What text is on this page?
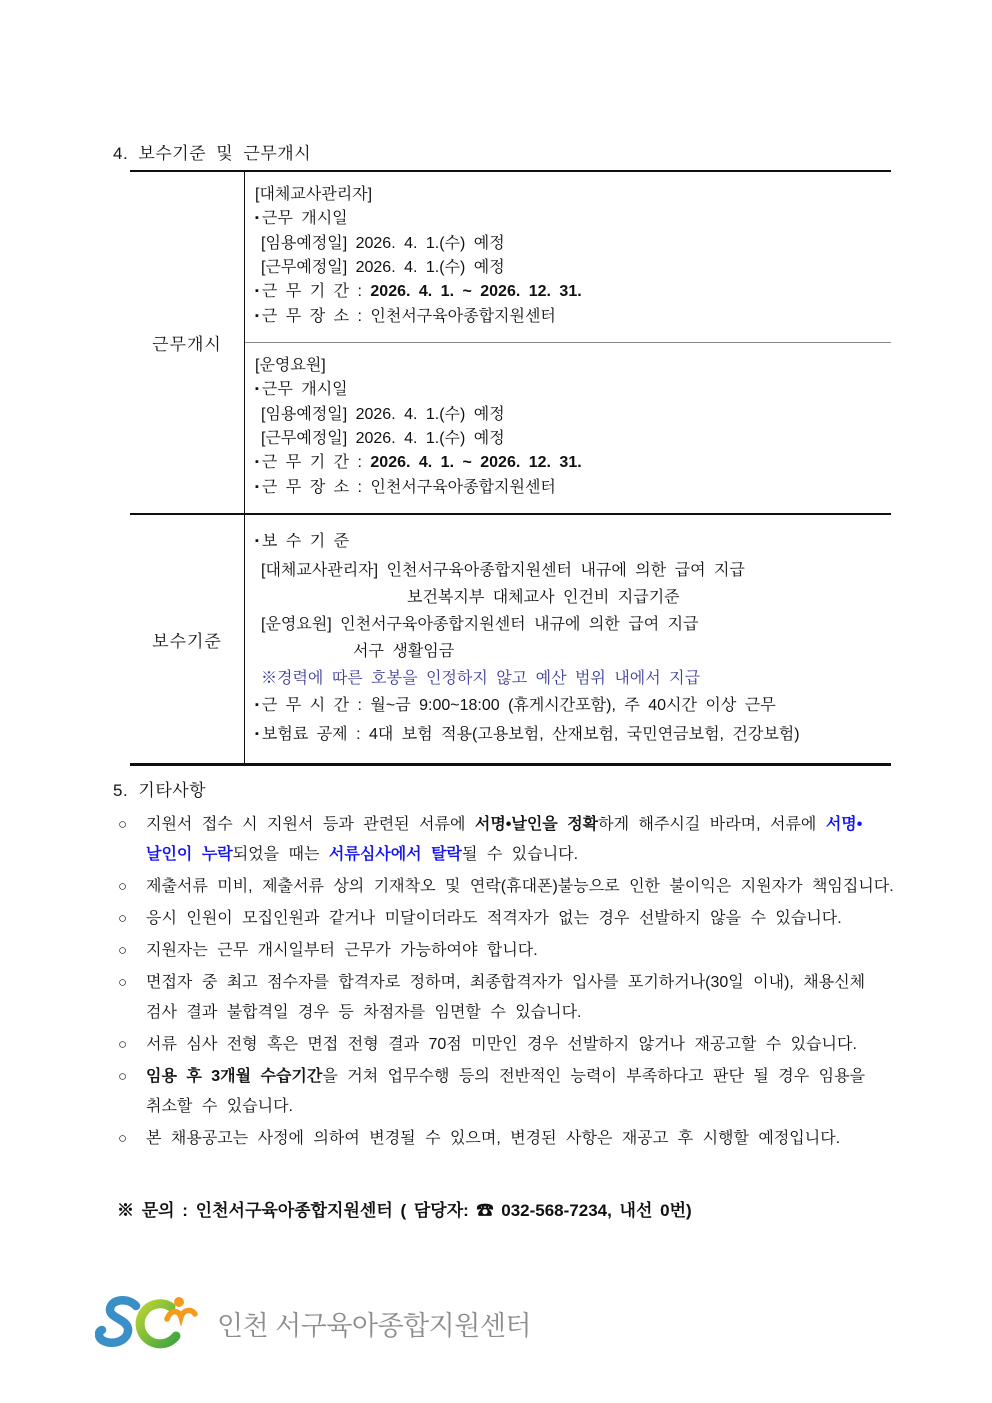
4. 보수기준 및 근무개시
근무개시
[대체교사관리자]
▪ 근무 개시일
[임용예정일] 2026. 4. 1.(수) 예정
[근무예정일] 2026. 4. 1.(수) 예정
▪ 근 무 기 간 : 2026. 4. 1. ~ 2026. 12. 31.
▪ 근 무 장 소 : 인천서구육아종합지원센터
[운영요원]
▪ 근무 개시일
[임용예정일] 2026. 4. 1.(수) 예정
[근무예정일] 2026. 4. 1.(수) 예정
▪ 근 무 기 간 : 2026. 4. 1. ~ 2026. 12. 31.
▪ 근 무 장 소 : 인천서구육아종합지원센터
보수기준
▪ 보 수 기 준
[대체교사관리자] 인천서구육아종합지원센터 내규에 의한 급여 지급
보건복지부 대체교사 인건비 지급기준
[운영요원] 인천서구육아종합지원센터 내규에 의한 급여 지급
서구 생활임금
※경력에 따른 호봉을 인정하지 않고 예산 범위 내에서 지급
▪ 근 무 시 간 : 월~금 9:00~18:00 (휴게시간포함), 주 40시간 이상 근무
▪ 보험료 공제 : 4대 보험 적용(고용보험, 산재보험, 국민연금보험, 건강보험)
5. 기타사항
○	지원서 접수 시 지원서 등과 관련된 서류에 서명•날인을 정확하게 해주시길 바라며, 서류에 서명•
날인이 누락되었을 때는 서류심사에서 탈락될 수 있습니다.
○	제출서류 미비, 제출서류 상의 기재착오 및 연락(휴대폰)불능으로 인한 불이익은 지원자가 책임집니다.
○	응시 인원이 모집인원과 같거나 미달이더라도 적격자가 없는 경우 선발하지 않을 수 있습니다.
○	지원자는 근무 개시일부터 근무가 가능하여야 합니다.
○	면접자 중 최고 점수자를 합격자로 정하며, 최종합격자가 입사를 포기하거나(30일 이내), 채용신체
검사 결과 불합격일 경우 등 차점자를 임면할 수 있습니다.
○	서류 심사 전형 혹은 면접 전형 결과 70점 미만인 경우 선발하지 않거나 재공고할 수 있습니다.
○	임용 후 3개월 수습기간을 거쳐 업무수행 등의 전반적인 능력이 부족하다고 판단 될 경우 임용을
취소할 수 있습니다.
○	본 채용공고는 사정에 의하여 변경될 수 있으며, 변경된 사항은 재공고 후 시행할 예정입니다.
※ 문의 : 인천서구육아종합지원센터 ( 담당자: ☎ 032-568-7234, 내선 0번)
인천 서구육아종합지원센터
